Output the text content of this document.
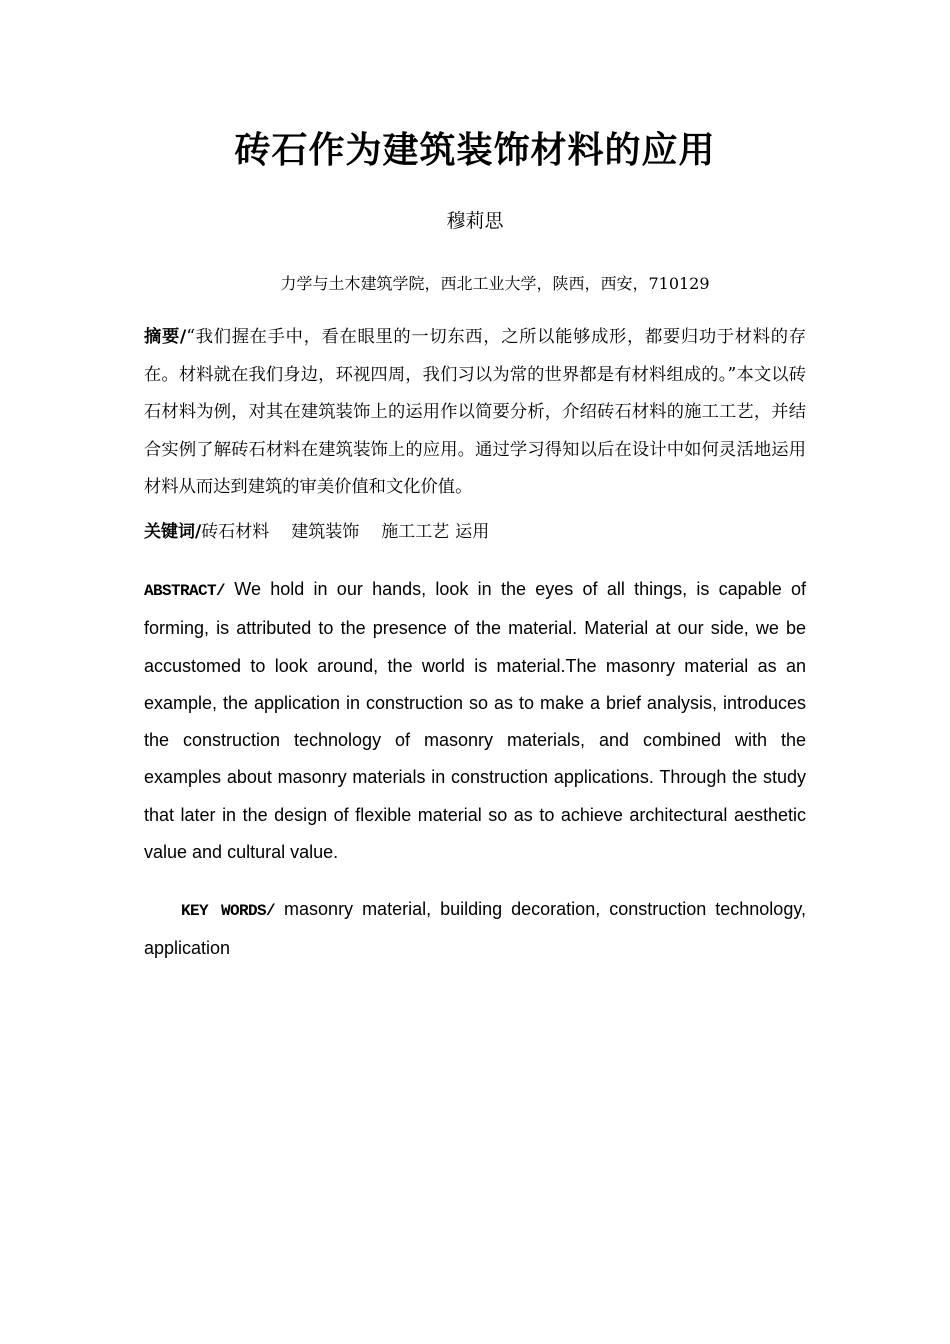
砖石作为建筑装饰材料的应用
穆莉思
力学与土木建筑学院，西北工业大学，陕西，西安，710129

摘要/“我们握在手中，看在眼里的一切东西，之所以能够成形，都要归功于材料的存在。材料就在我们身边，环视四周，我们习以为常的世界都是有材料组成的。”本文以砖石材料为例，对其在建筑装饰上的运用作以简要分析，介绍砖石材料的施工工艺，并结合实例了解砖石材料在建筑装饰上的应用。通过学习得知以后在设计中如何灵活地运用材料从而达到建筑的审美价值和文化价值。

关键词/砖石材料 建筑装饰 施工工艺 运用

ABSTRACT/ We hold in our hands, look in the eyes of all things, is capable of forming, is attributed to the presence of the material. Material at our side, we be accustomed to look around, the world is material.The masonry material as an example, the application in construction so as to make a brief analysis, introduces the construction technology of masonry materials, and combined with the examples about masonry materials in construction applications. Through the study that later in the design of flexible material so as to achieve architectural aesthetic value and cultural value.

KEY WORDS/ masonry material, building decoration, construction technology, application
